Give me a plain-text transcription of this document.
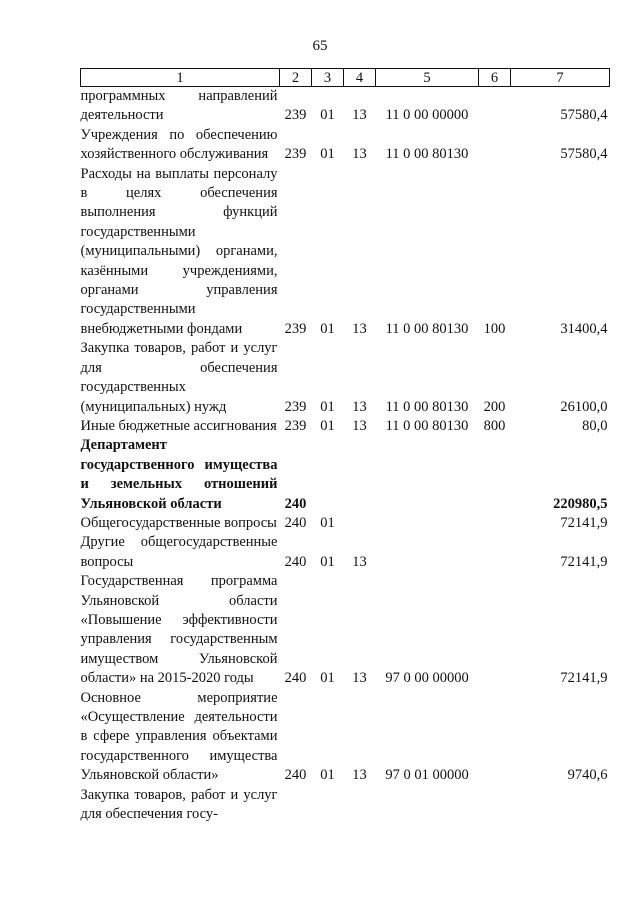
65
1	2	3	4	5	6	7
программных направлений деятельности	239	01	13	11 0 00 00000		57580,4
Учреждения по обеспечению хозяйственного обслуживания	239	01	13	11 0 00 80130		57580,4
Расходы на выплаты персоналу в целях обеспечения выполнения функций государственными (муниципальными) органами, казёнными учреждениями, органами управления государственными внебюджетными фондами	239	01	13	11 0 00 80130	100	31400,4
Закупка товаров, работ и услуг для обеспечения государственных (муниципальных) нужд	239	01	13	11 0 00 80130	200	26100,0
Иные бюджетные ассигнования	239	01	13	11 0 00 80130	800	80,0
Департамент государственного имущества и земельных отношений Ульяновской области	240					220980,5
Общегосударственные вопросы	240	01				72141,9
Другие общегосударственные вопросы	240	01	13			72141,9
Государственная программа Ульяновской области «Повышение эффективности управления государственным имуществом Ульяновской области» на 2015-2020 годы	240	01	13	97 0 00 00000		72141,9
Основное мероприятие «Осуществление деятельности в сфере управления объектами государственного имущества Ульяновской области»	240	01	13	97 0 01 00000		9740,6
Закупка товаров, работ и услуг для обеспечения госу-						
